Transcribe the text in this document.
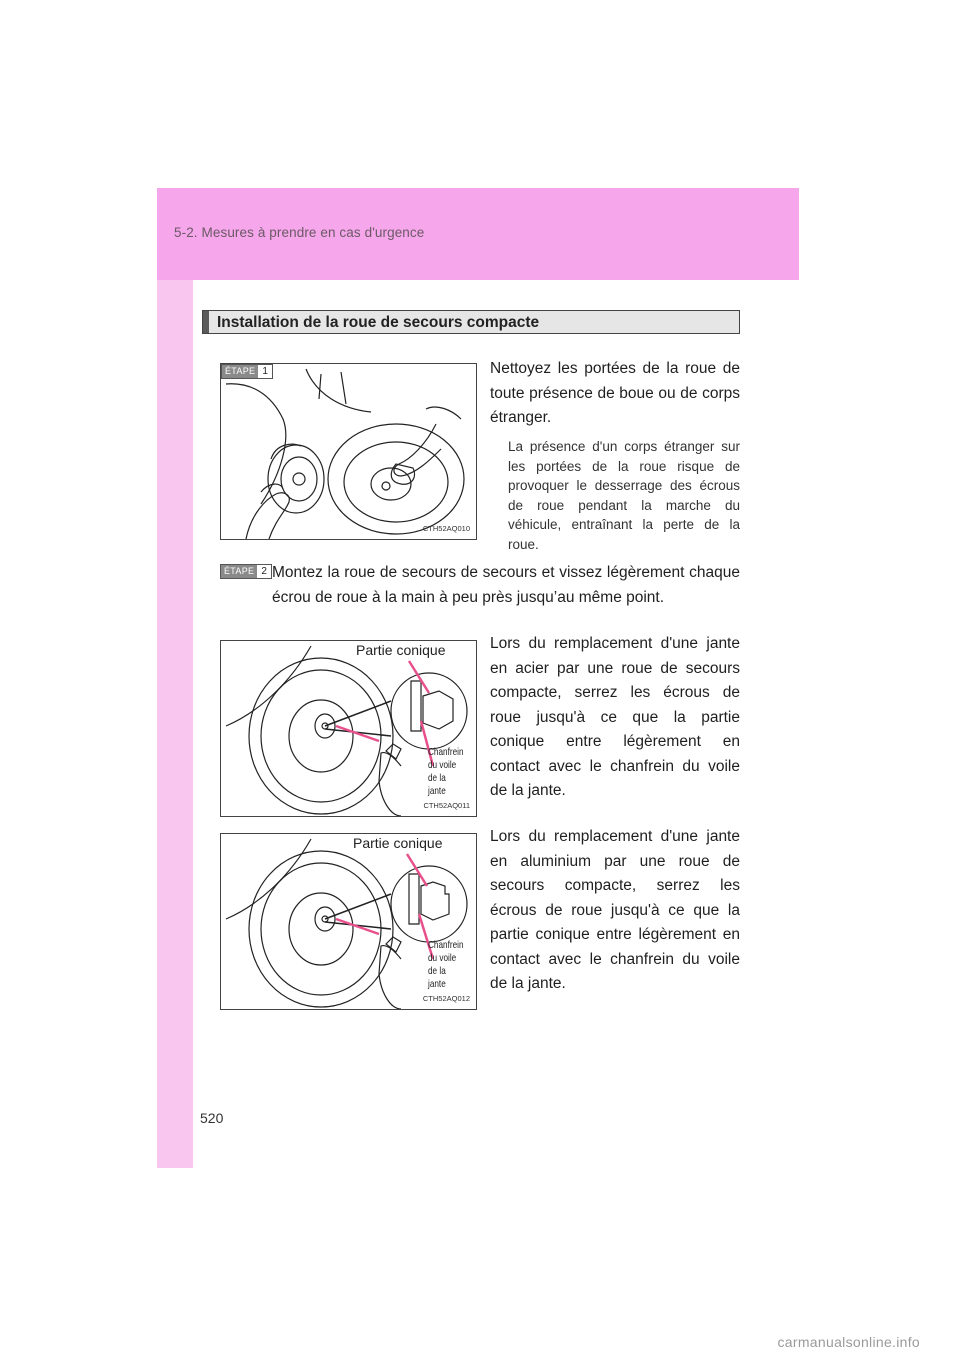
5-2. Mesures à prendre en cas d'urgence
520
Installation de la roue de secours compacte
ÉTAPE 1
CTH52AQ010
Nettoyez les portées de la roue de toute présence de boue ou de corps étranger.
La présence d'un corps étranger sur les portées de la roue risque de provoquer le desserrage des écrous de roue pendant la marche du véhicule, entraînant la perte de la roue.
ÉTAPE 2 Montez la roue de secours de secours et vissez légèrement chaque écrou de roue à la main à peu près jusqu’au même point.
Partie conique
Chanfrein
du voile
de la jante
CTH52AQ011
Lors du remplacement d'une jante en acier par une roue de secours compacte, serrez les écrous de roue jusqu'à ce que la partie conique entre légèrement en contact avec le chanfrein du voile de la jante.
Partie conique
Chanfrein
du voile
de la jante
CTH52AQ012
Lors du remplacement d'une jante en aluminium par une roue de secours compacte, serrez les écrous de roue jusqu'à ce que la partie conique entre légèrement en contact avec le chanfrein du voile de la jante.
carmanualsonline.info
